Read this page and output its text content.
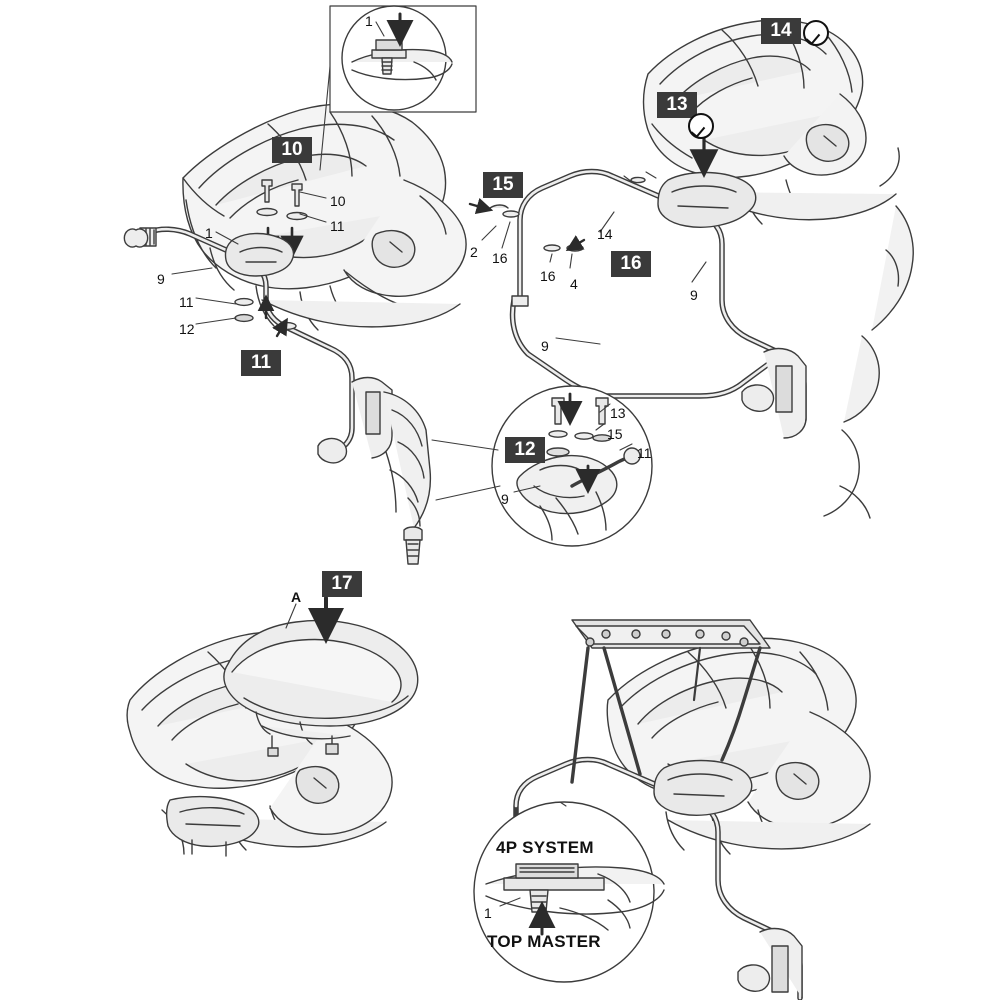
10
11
12
13
14
15
16
17
1
1
9
11
12
10
11
2 16
16 4
14
9
9
13
15
11
9
A
1
4P SYSTEM
TOP MASTER
